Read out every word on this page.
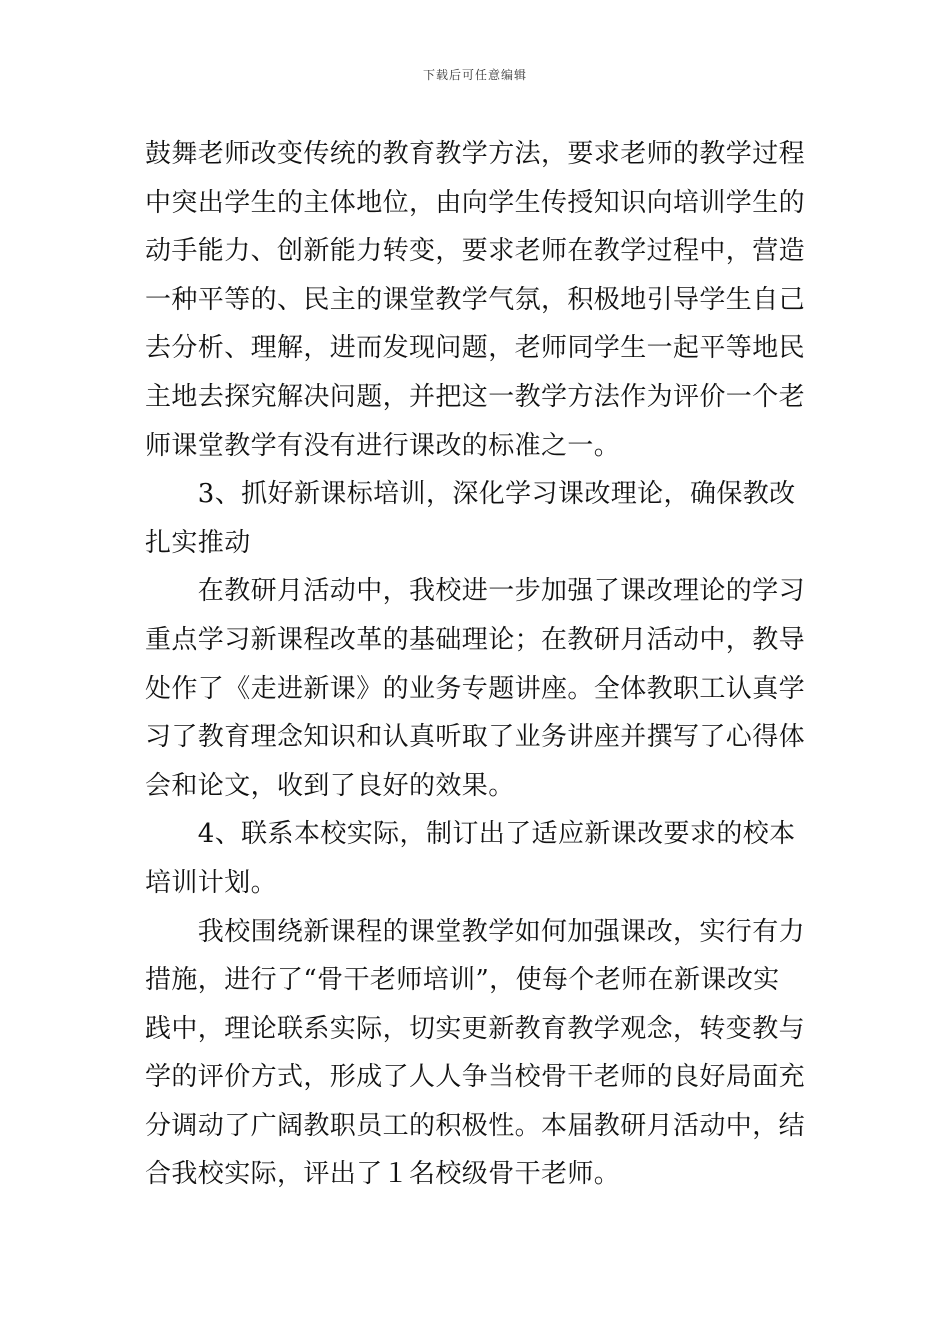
下载后可任意编辑

鼓舞老师改变传统的教育教学方法，要求老师的教学过程中突出学生的主体地位，由向学生传授知识向培训学生的动手能力、创新能力转变，要求老师在教学过程中，营造一种平等的、民主的课堂教学气氛，积极地引导学生自己去分析、理解，进而发现问题，老师同学生一起平等地民主地去探究解决问题，并把这一教学方法作为评价一个老师课堂教学有没有进行课改的标准之一。

　　3、抓好新课标培训，深化学习课改理论，确保教改扎实推动

　　在教研月活动中，我校进一步加强了课改理论的学习重点学习新课程改革的基础理论；在教研月活动中，教导处作了《走进新课》的业务专题讲座。全体教职工认真学习了教育理念知识和认真听取了业务讲座并撰写了心得体会和论文，收到了良好的效果。

　　4、联系本校实际，制订出了适应新课改要求的校本培训计划。

　　我校围绕新课程的课堂教学如何加强课改，实行有力措施，进行了“骨干老师培训”，使每个老师在新课改实践中，理论联系实际，切实更新教育教学观念，转变教与学的评价方式，形成了人人争当校骨干老师的良好局面充分调动了广阔教职员工的积极性。本届教研月活动中，结合我校实际，评出了１名校级骨干老师。
